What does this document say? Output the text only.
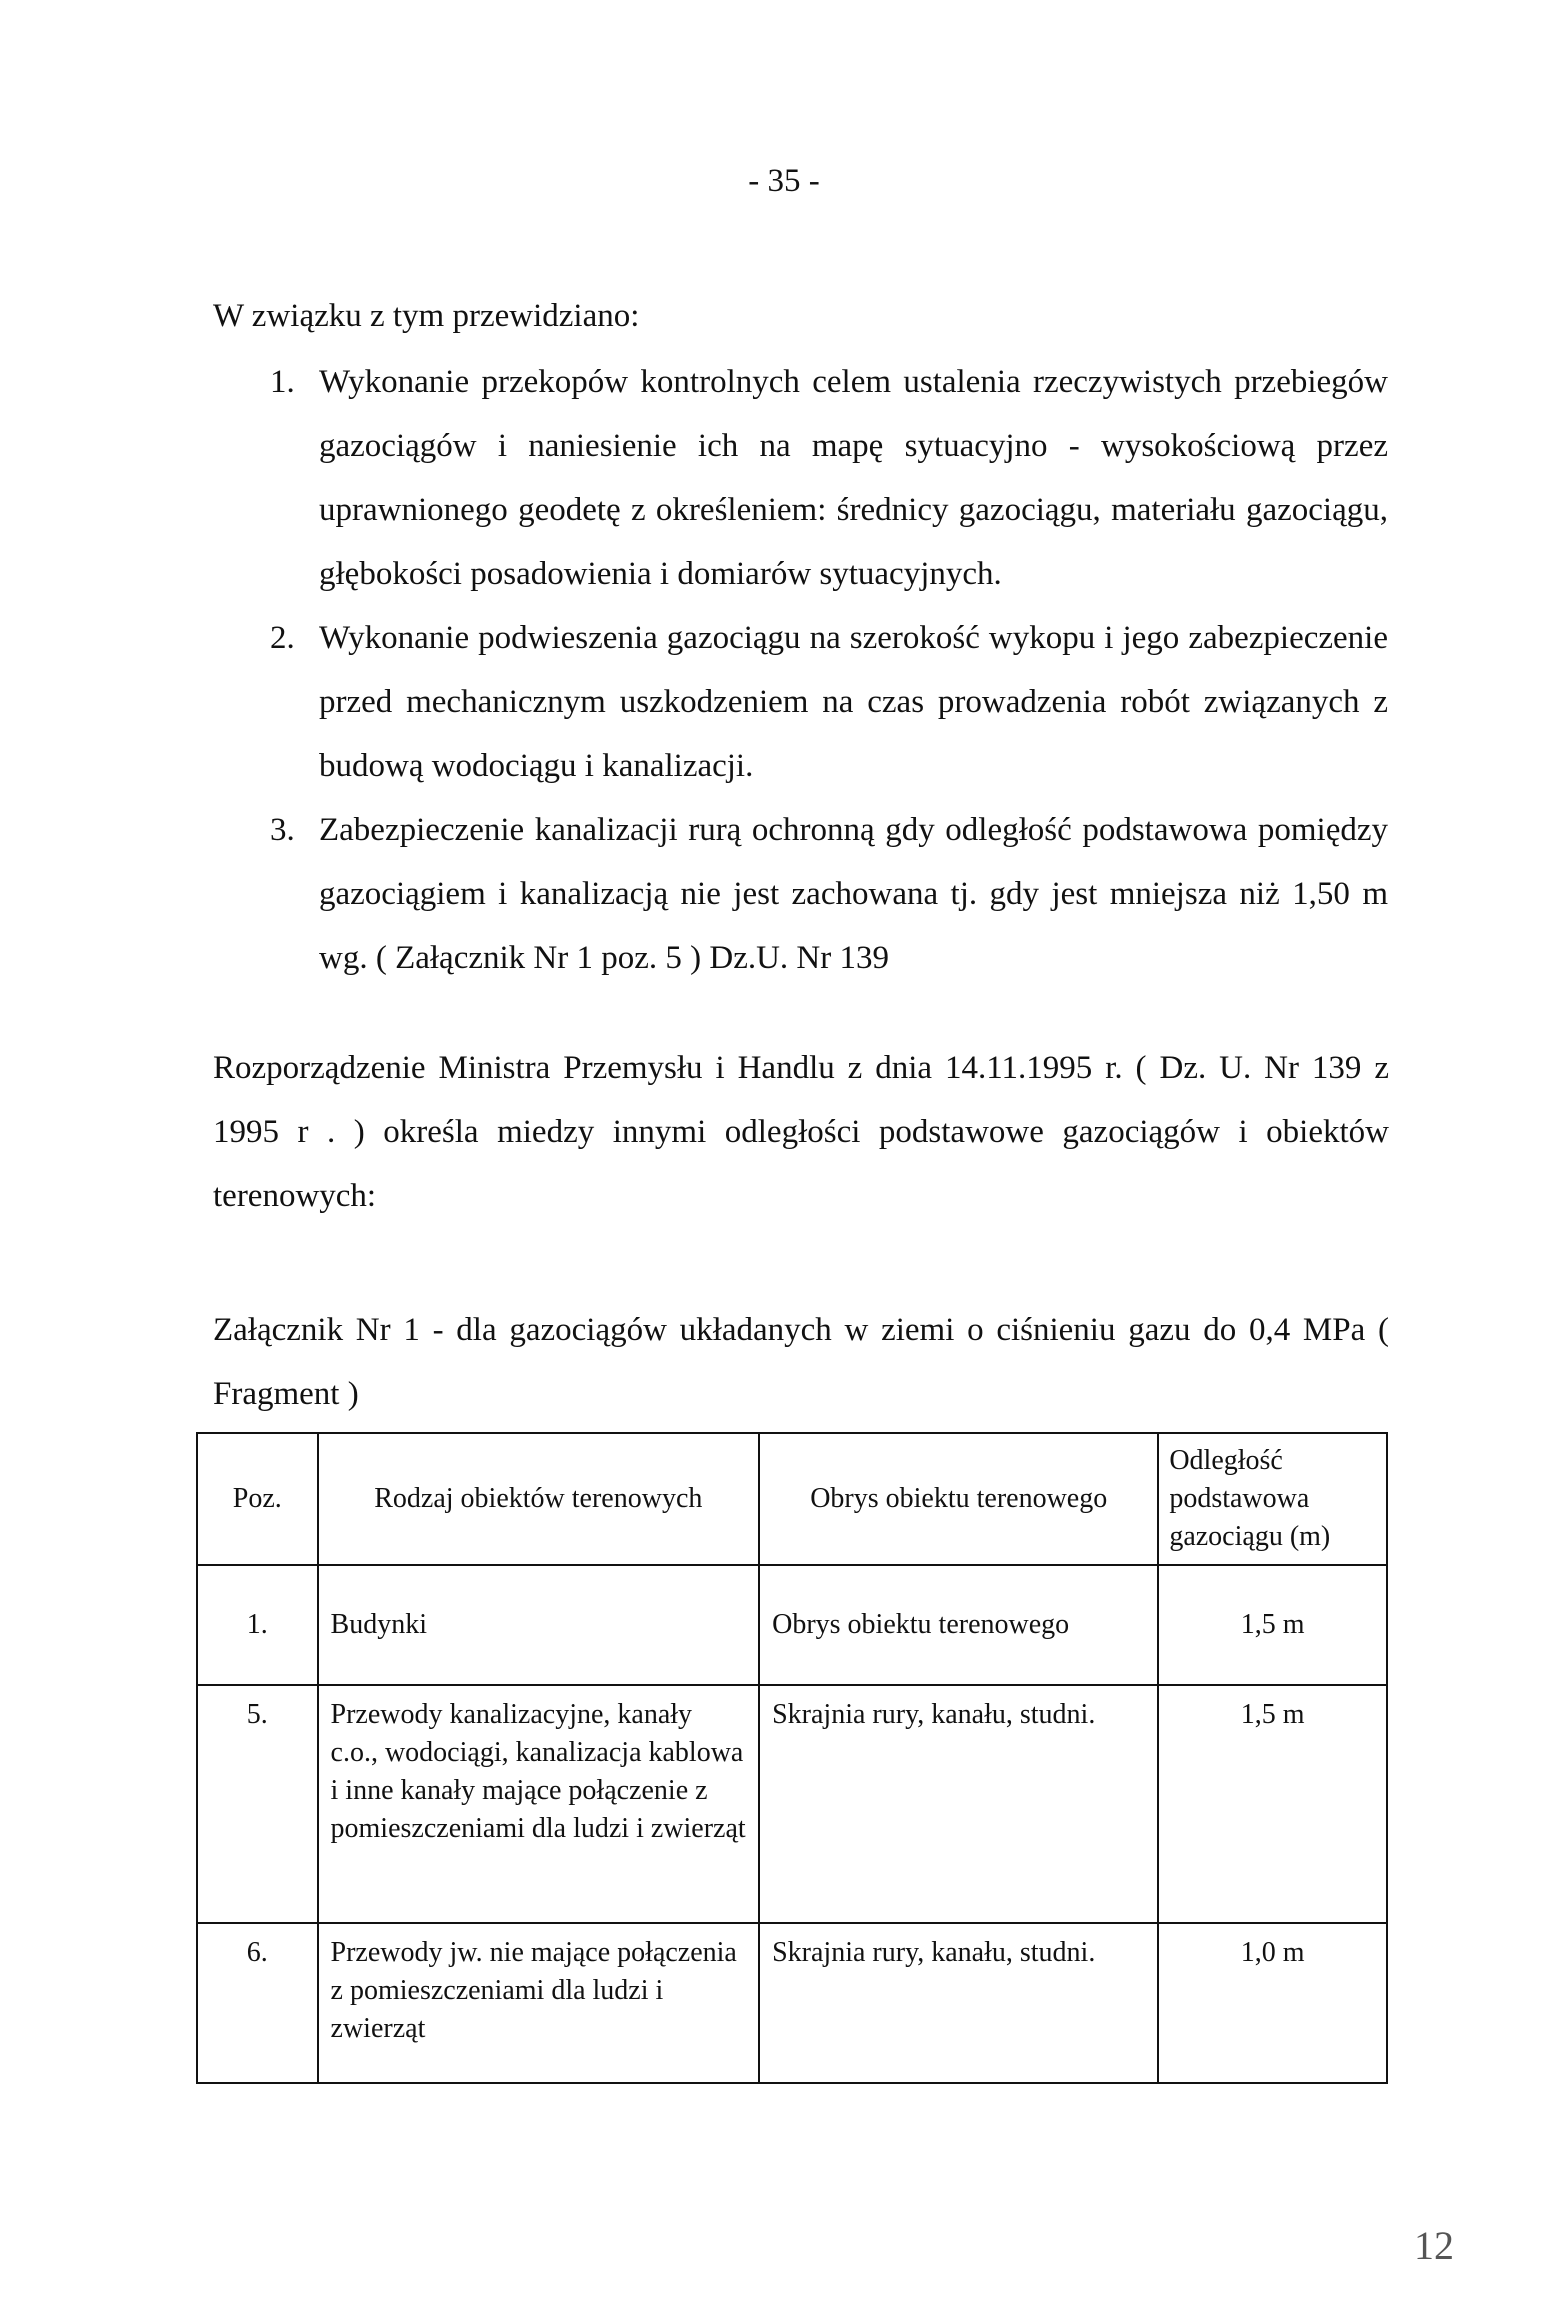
- 35 -
W związku z tym przewidziano:
1. Wykonanie przekopów kontrolnych celem ustalenia rzeczywistych przebiegów gazociągów i naniesienie ich na mapę sytuacyjno - wysokościową przez uprawnionego geodetę z określeniem: średnicy gazociągu, materiału gazociągu, głębokości posadowienia i domiarów sytuacyjnych.
2. Wykonanie podwieszenia gazociągu na szerokość wykopu i jego zabezpieczenie przed mechanicznym uszkodzeniem na czas prowadzenia robót związanych z budową wodociągu i kanalizacji.
3. Zabezpieczenie kanalizacji rurą ochronną gdy odległość podstawowa pomiędzy gazociągiem i kanalizacją nie jest zachowana tj. gdy jest mniejsza niż 1,50 m wg. ( Załącznik Nr 1 poz. 5 ) Dz.U. Nr 139
Rozporządzenie Ministra Przemysłu i Handlu z dnia 14.11.1995 r. ( Dz. U. Nr 139 z 1995 r . ) określa miedzy innymi odległości podstawowe gazociągów i obiektów terenowych:
Załącznik Nr 1 - dla gazociągów układanych w ziemi o ciśnieniu gazu do 0,4 MPa ( Fragment )
Poz.	Rodzaj obiektów terenowych	Obrys obiektu terenowego	Odległość podstawowa gazociągu (m)
1.	Budynki	Obrys obiektu terenowego	1,5 m
5.	Przewody kanalizacyjne, kanały c.o., wodociągi, kanalizacja kablowa i inne kanały mające połączenie z pomieszczeniami dla ludzi i zwierząt	Skrajnia rury, kanału, studni.	1,5 m
6.	Przewody jw. nie mające połączenia z pomieszczeniami dla ludzi i zwierząt	Skrajnia rury, kanału, studni.	1,0 m
12
